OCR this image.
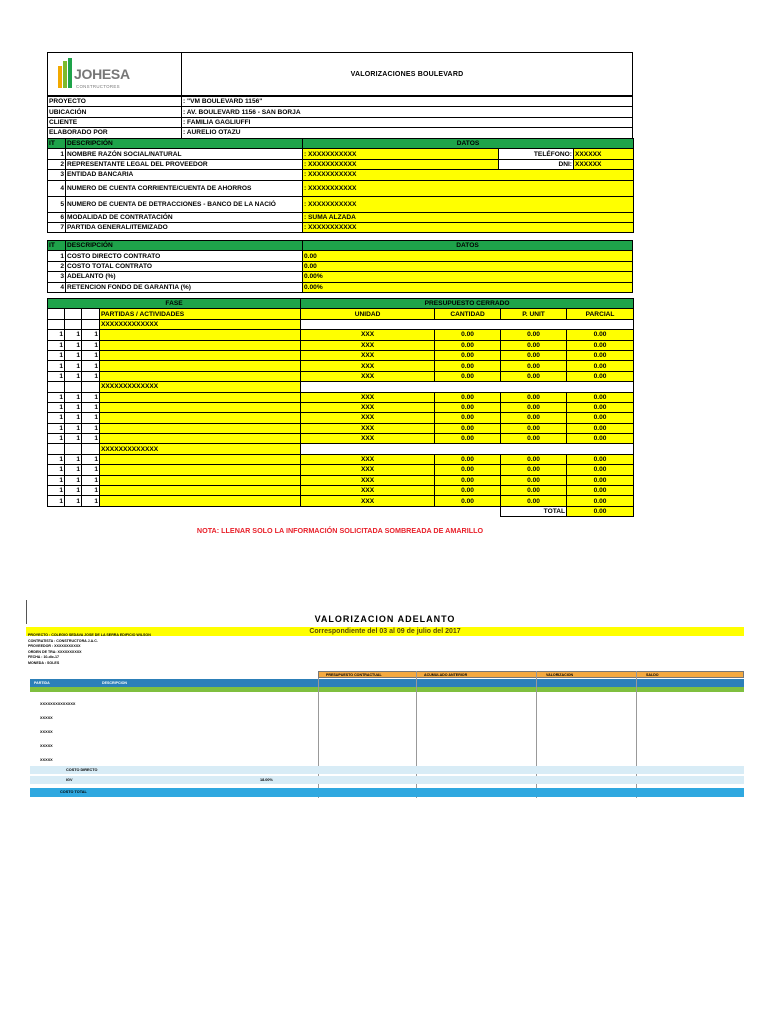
JOHESA
CONSTRUCTORES
VALORIZACIONES BOULEVARD
PROYECTO	: "VM BOULEVARD 1156"
UBICACIÓN	: AV. BOULEVARD 1156 - SAN BORJA
CLIENTE	: FAMILIA GAGLIUFFI
ELABORADO POR	: AURELIO OTAZU
IT	DESCRIPCIÓN	DATOS		
1	NOMBRE RAZÓN SOCIAL/NATURAL	: XXXXXXXXXXX	TELÉFONO:	XXXXXX
2	REPRESENTANTE LEGAL DEL PROVEEDOR	: XXXXXXXXXXX	DNI:	XXXXXX
3	ENTIDAD BANCARIA	: XXXXXXXXXXX		
4	NUMERO DE CUENTA CORRIENTE/CUENTA DE AHORROS	: XXXXXXXXXXX		
5	NUMERO DE CUENTA DE DETRACCIONES - BANCO DE LA NACIÓ	: XXXXXXXXXXX		
6	MODALIDAD DE CONTRATACIÓN	: SUMA ALZADA		
7	PARTIDA GENERAL/ITEMIZADO	: XXXXXXXXXXX		
IT	DESCRIPCIÓN	DATOS
1	COSTO DIRECTO CONTRATO	0.00
2	COSTO TOTAL CONTRATO	0.00
3	ADELANTO (%)	0.00%
4	RETENCION FONDO DE GARANTIA (%)	0.00%
FASE				PRESUPUESTO CERRADO			
			PARTIDAS / ACTIVIDADES	UNIDAD	CANTIDAD	P. UNIT	PARCIAL
			XXXXXXXXXXXXX				
1	1	1		XXX	0.00	0.00	0.00
1	1	1		XXX	0.00	0.00	0.00
1	1	1		XXX	0.00	0.00	0.00
1	1	1		XXX	0.00	0.00	0.00
1	1	1		XXX	0.00	0.00	0.00
			XXXXXXXXXXXXX				
1	1	1		XXX	0.00	0.00	0.00
1	1	1		XXX	0.00	0.00	0.00
1	1	1		XXX	0.00	0.00	0.00
1	1	1		XXX	0.00	0.00	0.00
1	1	1		XXX	0.00	0.00	0.00
			XXXXXXXXXXXXX				
1	1	1		XXX	0.00	0.00	0.00
1	1	1		XXX	0.00	0.00	0.00
1	1	1		XXX	0.00	0.00	0.00
1	1	1		XXX	0.00	0.00	0.00
1	1	1		XXX	0.00	0.00	0.00
						TOTAL	0.00
NOTA: LLENAR SOLO LA INFORMACIÓN SOLICITADA SOMBREADA DE AMARILLO
VALORIZACION ADELANTO
Correspondiente del 03 al 09 de julio del 2017
PROYECTO : COLEGIO SEDAVA JOSE DE LA SERRA EDIFICIO WILSON
CONTRATISTA : CONSTRUCTORA J.A.C.
PROVEEDOR : XXXXXXXXXXX
ORDEN DE TRA: XXXXXXXXXX
FECHA : 10-dic-17
MONEDA : SOLES
PRESUPUESTO CONTRACTUAL	ACUMULADO ANTERIOR	VALORIZACION	SALDO
PARTIDA	DESCRIPCION
XXXXXXXXXXXXXX
XXXXX
XXXXX
XXXXX
XXXXX
COSTO DIRECTO
IGV	18.00%
COSTO TOTAL
